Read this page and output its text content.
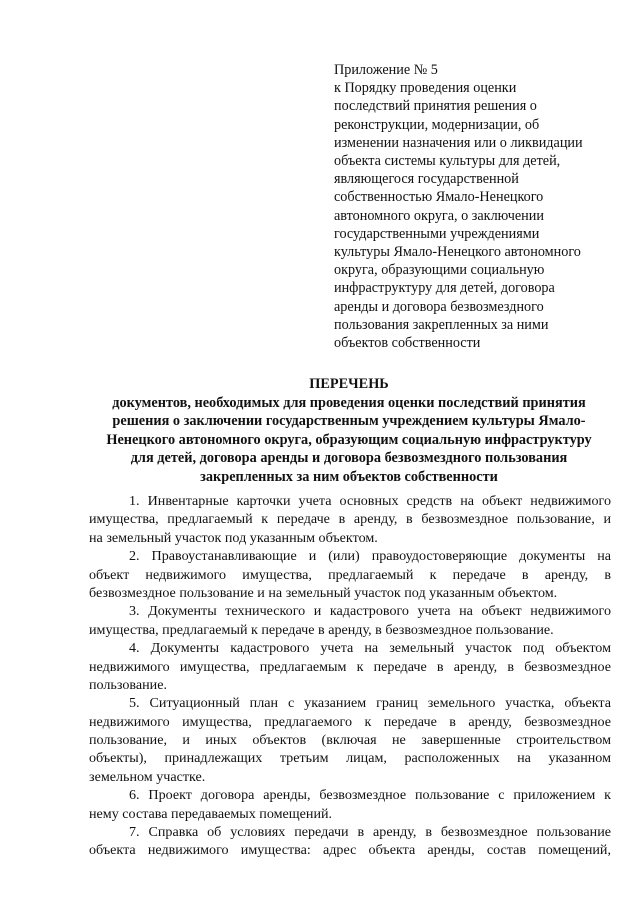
Приложение № 5
к Порядку проведения оценки
последствий принятия решения о
реконструкции, модернизации, об
изменении назначения или о ликвидации
объекта системы культуры для детей,
являющегося государственной
собственностью Ямало-Ненецкого
автономного округа, о заключении
государственными учреждениями
культуры Ямало-Ненецкого автономного
округа, образующими социальную
инфраструктуру для детей, договора
аренды и договора безвозмездного
пользования закрепленных за ними
объектов собственности
ПЕРЕЧЕНЬ
документов, необходимых для проведения оценки последствий принятия
решения о заключении государственным учреждением культуры Ямало-
Ненецкого автономного округа, образующим социальную инфраструктуру
для детей, договора аренды и договора безвозмездного пользования
закрепленных за ним объектов собственности
1. Инвентарные карточки учета основных средств на объект недвижимого
имущества, предлагаемый к передаче в аренду, в безвозмездное пользование, и
на земельный участок под указанным объектом.
2. Правоустанавливающие и (или) правоудостоверяющие документы на
объект недвижимого имущества, предлагаемый к передаче в аренду, в
безвозмездное пользование и на земельный участок под указанным объектом.
3. Документы технического и кадастрового учета на объект недвижимого
имущества, предлагаемый к передаче в аренду, в безвозмездное пользование.
4. Документы кадастрового учета на земельный участок под объектом
недвижимого имущества, предлагаемым к передаче в аренду, в безвозмездное
пользование.
5. Ситуационный план с указанием границ земельного участка, объекта
недвижимого имущества, предлагаемого к передаче в аренду, безвозмездное
пользование, и иных объектов (включая не завершенные строительством
объекты), принадлежащих третьим лицам, расположенных на указанном
земельном участке.
6. Проект договора аренды, безвозмездное пользование с приложением к
нему состава передаваемых помещений.
7. Справка об условиях передачи в аренду, в безвозмездное пользование
объекта недвижимого имущества: адрес объекта аренды, состав помещений,
